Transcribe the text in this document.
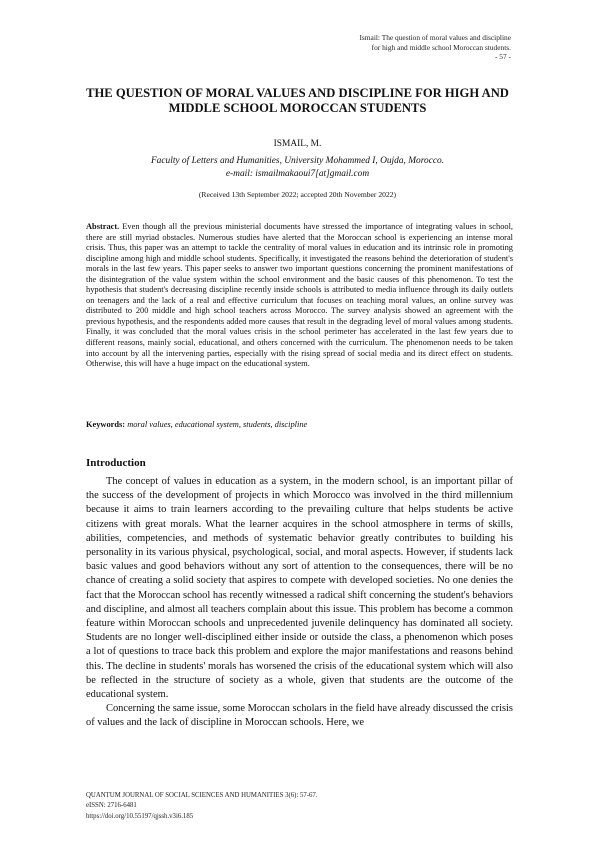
Ismail: The question of moral values and discipline
for high and middle school Moroccan students.
- 57 -
THE QUESTION OF MORAL VALUES AND DISCIPLINE FOR HIGH AND MIDDLE SCHOOL MOROCCAN STUDENTS
ISMAIL, M.
Faculty of Letters and Humanities, University Mohammed I, Oujda, Morocco.
e-mail: ismailmakaoui7[at]gmail.com
(Received 13th September 2022; accepted 20th November 2022)
Abstract. Even though all the previous ministerial documents have stressed the importance of integrating values in school, there are still myriad obstacles. Numerous studies have alerted that the Moroccan school is experiencing an intense moral crisis. Thus, this paper was an attempt to tackle the centrality of moral values in education and its intrinsic role in promoting discipline among high and middle school students. Specifically, it investigated the reasons behind the deterioration of student's morals in the last few years. This paper seeks to answer two important questions concerning the prominent manifestations of the disintegration of the value system within the school environment and the basic causes of this phenomenon. To test the hypothesis that student's decreasing discipline recently inside schools is attributed to media influence through its daily outlets on teenagers and the lack of a real and effective curriculum that focuses on teaching moral values, an online survey was distributed to 200 middle and high school teachers across Morocco. The survey analysis showed an agreement with the previous hypothesis, and the respondents added more causes that result in the degrading level of moral values among students. Finally, it was concluded that the moral values crisis in the school perimeter has accelerated in the last few years due to different reasons, mainly social, educational, and others concerned with the curriculum. The phenomenon needs to be taken into account by all the intervening parties, especially with the rising spread of social media and its direct effect on students. Otherwise, this will have a huge impact on the educational system.
Keywords: moral values, educational system, students, discipline
Introduction

The concept of values in education as a system, in the modern school, is an important pillar of the success of the development of projects in which Morocco was involved in the third millennium because it aims to train learners according to the prevailing culture that helps students be active citizens with great morals. What the learner acquires in the school atmosphere in terms of skills, abilities, competencies, and methods of systematic behavior greatly contributes to building his personality in its various physical, psychological, social, and moral aspects. However, if students lack basic values and good behaviors without any sort of attention to the consequences, there will be no chance of creating a solid society that aspires to compete with developed societies. No one denies the fact that the Moroccan school has recently witnessed a radical shift concerning the student's behaviors and discipline, and almost all teachers complain about this issue. This problem has become a common feature within Moroccan schools and unprecedented juvenile delinquency has dominated all society. Students are no longer well-disciplined either inside or outside the class, a phenomenon which poses a lot of questions to trace back this problem and explore the major manifestations and reasons behind this. The decline in students' morals has worsened the crisis of the educational system which will also be reflected in the structure of society as a whole, given that students are the outcome of the educational system.

Concerning the same issue, some Moroccan scholars in the field have already discussed the crisis of values and the lack of discipline in Moroccan schools. Here, we

QUANTUM JOURNAL OF SOCIAL SCIENCES AND HUMANITIES 3(6): 57-67.
eISSN: 2716-6481
https://doi.org/10.55197/qjssh.v3i6.185
